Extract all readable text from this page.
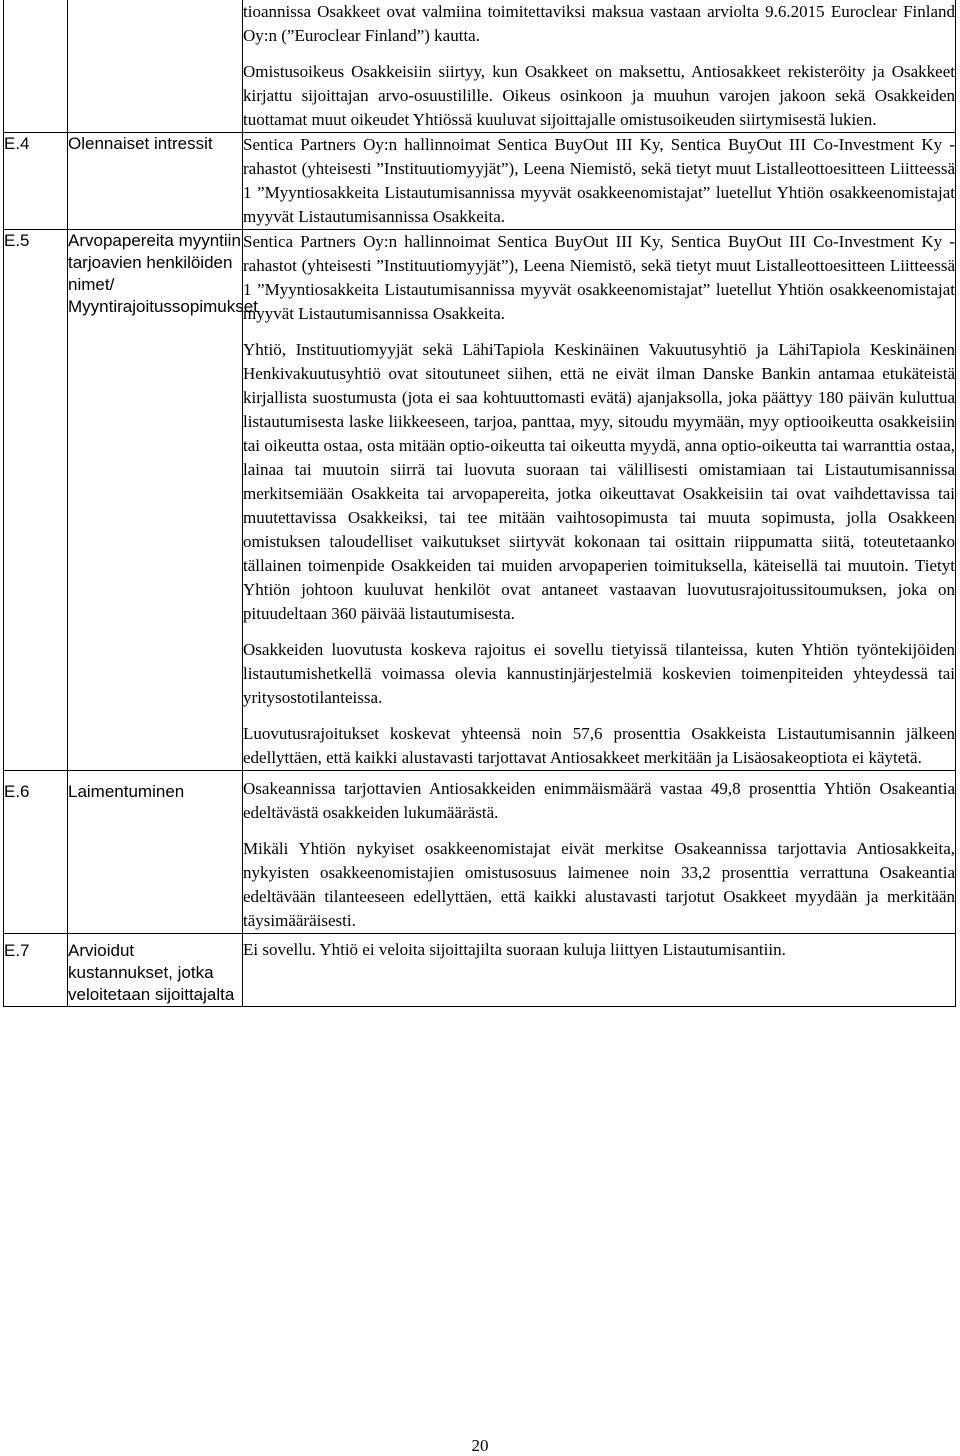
		tioannissa Osakkeet ovat valmiina toimitettaviksi maksua vastaan arviolta 9.6.2015 Euroclear Finland Oy:n (”Euroclear Finland”) kautta.

Omistusoikeus Osakkeisiin siirtyy, kun Osakkeet on maksettu, Antiosakkeet rekisteröity ja Osakkeet kirjattu sijoittajan arvo-osuustilille. Oikeus osinkoon ja muuhun varojen jakoon sekä Osakkeiden tuottamat muut oikeudet Yhtiössä kuuluvat sijoittajalle omistusoikeuden siirtymisestä lukien.

E.4	Olennaiset intressit	Sentica Partners Oy:n hallinnoimat Sentica BuyOut III Ky, Sentica BuyOut III Co-Investment Ky -rahastot (yhteisesti ”Instituutiomyyjät”), Leena Niemistö, sekä tietyt muut Listalleottoesitteen Liitteessä 1 ”Myyntiosakkeita Listautumisannissa myyvät osakkeenomistajat” luetellut Yhtiön osakkeenomistajat myyvät Listautumisannissa Osakkeita.

E.5	Arvopapereita myyntiin tarjoavien henkilöiden nimet/ Myyntirajoitussopimukset	Sentica Partners Oy:n hallinnoimat Sentica BuyOut III Ky, Sentica BuyOut III Co-Investment Ky -rahastot (yhteisesti ”Instituutiomyyjät”), Leena Niemistö, sekä tietyt muut Listalleottoesitteen Liitteessä 1 ”Myyntiosakkeita Listautumisannissa myyvät osakkeenomistajat” luetellut Yhtiön osakkeenomistajat myyvät Listautumisannissa Osakkeita.

Yhtiö, Instituutiomyyjät sekä LähiTapiola Keskinäinen Vakuutusyhtiö ja LähiTapiola Keskinäinen Henkivakuutusyhtiö ovat sitoutuneet siihen, että ne eivät ilman Danske Bankin antamaa etukäteistä kirjallista suostumusta (jota ei saa kohtuuttomasti evätä) ajanjaksolla, joka päättyy 180 päivän kuluttua listautumisesta laske liikkeeseen, tarjoa, panttaa, myy, sitoudu myymään, myy optiooikeutta osakkeisiin tai oikeutta ostaa, osta mitään optio-oikeutta tai oikeutta myydä, anna optio-oikeutta tai warranttia ostaa, lainaa tai muutoin siirrä tai luovuta suoraan tai välillisesti omistamiaan tai Listautumisannissa merkitsemiään Osakkeita tai arvopapereita, jotka oikeuttavat Osakkeisiin tai ovat vaihdettavissa tai muutettavissa Osakkeiksi, tai tee mitään vaihtosopimusta tai muuta sopimusta, jolla Osakkeen omistuksen taloudelliset vaikutukset siirtyvät kokonaan tai osittain riippumatta siitä, toteutetaanko tällainen toimenpide Osakkeiden tai muiden arvopaperien toimituksella, käteisellä tai muutoin. Tietyt Yhtiön johtoon kuuluvat henkilöt ovat antaneet vastaavan luovutusrajoitussitoumuksen, joka on pituudeltaan 360 päivää listautumisesta.

Osakkeiden luovutusta koskeva rajoitus ei sovellu tietyissä tilanteissa, kuten Yhtiön työntekijöiden listautumishetkellä voimassa olevia kannustinjärjestelmiä koskevien toimenpiteiden yhteydessä tai yritysostotilanteissa.

Luovutusrajoitukset koskevat yhteensä noin 57,6 prosenttia Osakkeista Listautumisannin jälkeen edellyttäen, että kaikki alustavasti tarjottavat Antiosakkeet merkitään ja Lisäosakeoptiota ei käytetä.

E.6	Laimentuminen	Osakeannissa tarjottavien Antiosakkeiden enimmäismäärä vastaa 49,8 prosenttia Yhtiön Osakeantia edeltävästä osakkeiden lukumäärästä.

Mikäli Yhtiön nykyiset osakkeenomistajat eivät merkitse Osakeannissa tarjottavia Antiosakkeita, nykyisten osakkeenomistajien omistusosuus laimenee noin 33,2 prosenttia verrattuna Osakeantia edeltävään tilanteeseen edellyttäen, että kaikki alustavasti tarjotut Osakkeet myydään ja merkitään täysimääräisesti.

E.7	Arvioidut kustannukset, jotka veloitetaan sijoittajalta	Ei sovellu. Yhtiö ei veloita sijoittajilta suoraan kuluja liittyen Listautumisantiin.

20
